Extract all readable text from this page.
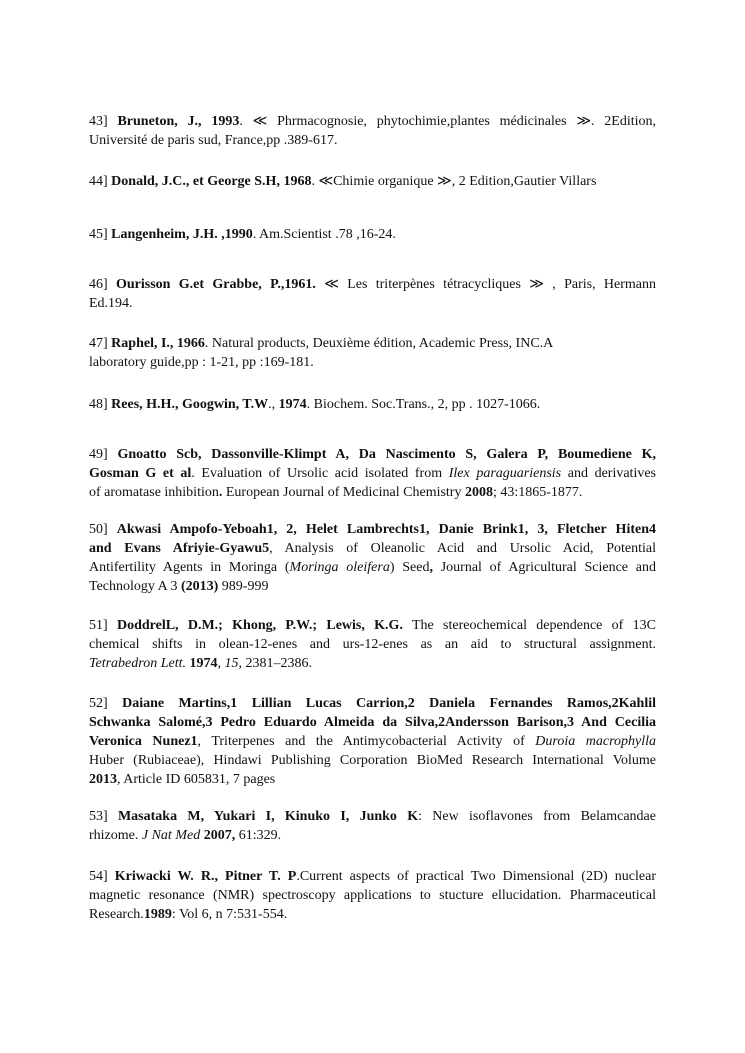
43] Bruneton, J., 1993. ≪ Phrmacognosie, phytochimie,plantes médicinales ≫. 2Edition,
Université de paris sud, France,pp .389-617.

44] Donald, J.C., et George S.H, 1968. ≪Chimie organique ≫, 2 Edition,Gautier Villars

45] Langenheim, J.H. ,1990. Am.Scientist .78 ,16-24.

46] Ourisson G.et Grabbe, P.,1961. ≪ Les triterpènes tétracycliques ≫ , Paris, Hermann
Ed.194.

47] Raphel, I., 1966. Natural products, Deuxième édition, Academic Press, INC.A
laboratory guide,pp : 1-21, pp :169-181.

48] Rees, H.H., Googwin, T.W., 1974. Biochem. Soc.Trans., 2, pp . 1027-1066.

49] Gnoatto Scb, Dassonville-Klimpt A, Da Nascimento S, Galera P, Boumediene K,
Gosman G et al. Evaluation of Ursolic acid isolated from Ilex paraguariensis and derivatives
of aromatase inhibition. European Journal of Medicinal Chemistry 2008; 43:1865-1877.

50] Akwasi Ampofo-Yeboah1, 2, Helet Lambrechts1, Danie Brink1, 3, Fletcher Hiten4
and Evans Afriyie-Gyawu5, Analysis of Oleanolic Acid and Ursolic Acid, Potential
Antifertility Agents in Moringa (Moringa oleifera) Seed, Journal of Agricultural Science and
Technology A 3 (2013) 989-999

51] DoddrelL, D.M.; Khong, P.W.; Lewis, K.G. The stereochemical dependence of 13C
chemical shifts in olean-12-enes and urs-12-enes as an aid to structural assignment.
Tetrabedron Lett. 1974, 15, 2381–2386.

52] Daiane Martins,1 Lillian Lucas Carrion,2 Daniela Fernandes Ramos,2Kahlil
Schwanka Salomé,3 Pedro Eduardo Almeida da Silva,2Andersson Barison,3 And Cecilia
Veronica Nunez1, Triterpenes and the Antimycobacterial Activity of Duroia macrophylla
Huber (Rubiaceae), Hindawi Publishing Corporation BioMed Research International Volume
2013, Article ID 605831, 7 pages

53] Masataka M, Yukari I, Kinuko I, Junko K: New isoflavones from Belamcandae
rhizome. J Nat Med 2007, 61:329.

54] Kriwacki W. R., Pitner T. P.Current aspects of practical Two Dimensional (2D) nuclear
magnetic resonance (NMR) spectroscopy applications to stucture ellucidation. Pharmaceutical
Research.1989: Vol 6, n 7:531-554.
